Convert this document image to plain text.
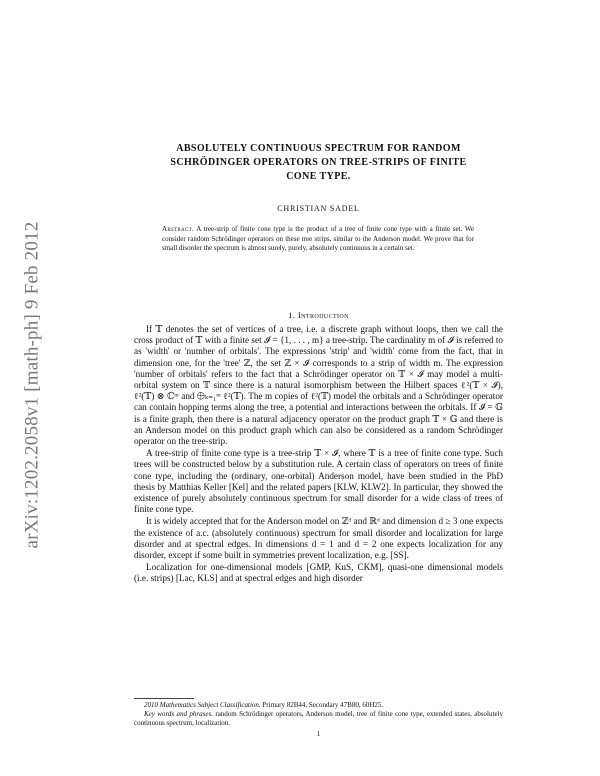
arXiv:1202.2058v1 [math-ph] 9 Feb 2012
ABSOLUTELY CONTINUOUS SPECTRUM FOR RANDOM
SCHRÖDINGER OPERATORS ON TREE-STRIPS OF FINITE
CONE TYPE.
CHRISTIAN SADEL
Abstract. A tree-strip of finite cone type is the product of a tree of finite cone type with a finite set. We consider random Schrödinger operators on these tree strips, similar to the Anderson model. We prove that for small disorder the spectrum is almost surely, purely, absolutely continuous in a certain set.
1. Introduction

If 𝕋 denotes the set of vertices of a tree, i.e. a discrete graph without loops, then we call the cross product of 𝕋 with a finite set 𝓘 = {1, . . . , m} a tree-strip. The cardinality m of 𝓘 is referred to as 'width' or 'number of orbitals'. The expressions 'strip' and 'width' come from the fact, that in dimension one, for the 'tree' ℤ, the set ℤ × 𝓘 corresponds to a strip of width m. The expression 'number of orbitals' refers to the fact that a Schrödinger operator on 𝕋 × 𝓘 may model a multi-orbital system on 𝕋 since there is a natural isomorphism between the Hilbert spaces ℓ²(𝕋 × 𝓘), ℓ²(𝕋) ⊗ ℂᵐ and ⨁ₖ₌₁ᵐ ℓ²(𝕋). The m copies of ℓ²(𝕋) model the orbitals and a Schrödinger operator can contain hopping terms along the tree, a potential and interactions between the orbitals. If 𝓘 = 𝔾 is a finite graph, then there is a natural adjacency operator on the product graph 𝕋 × 𝔾 and there is an Anderson model on this product graph which can also be considered as a random Schrödinger operator on the tree-strip.

A tree-strip of finite cone type is a tree-strip 𝕋 × 𝓘, where 𝕋 is a tree of finite cone type. Such trees will be constructed below by a substitution rule. A certain class of operators on trees of finite cone type, including the (ordinary, one-orbital) Anderson model, have been studied in the PhD thesis by Matthias Keller [Kel] and the related papers [KLW, KLW2]. In particular, they showed the existence of purely absolutely continuous spectrum for small disorder for a wide class of trees of finite cone type.

It is widely accepted that for the Anderson model on ℤᵈ and ℝᵈ and dimension d ≥ 3 one expects the existence of a.c. (absolutely continuous) spectrum for small disorder and localization for large disorder and at spectral edges. In dimensions d = 1 and d = 2 one expects localization for any disorder, except if some built in symmetries prevent localization, e.g. [SS].

Localization for one-dimensional models [GMP, KuS, CKM], quasi-one dimensional models (i.e. strips) [Lac, KLS] and at spectral edges and high disorder

2010 Mathematics Subject Classification. Primary 82B44, Secondary 47B80, 60H25.

Key words and phrases. random Schrödinger operators, Anderson model, tree of finite cone type, extended states, absolutely continuous spectrum, localization.

1
